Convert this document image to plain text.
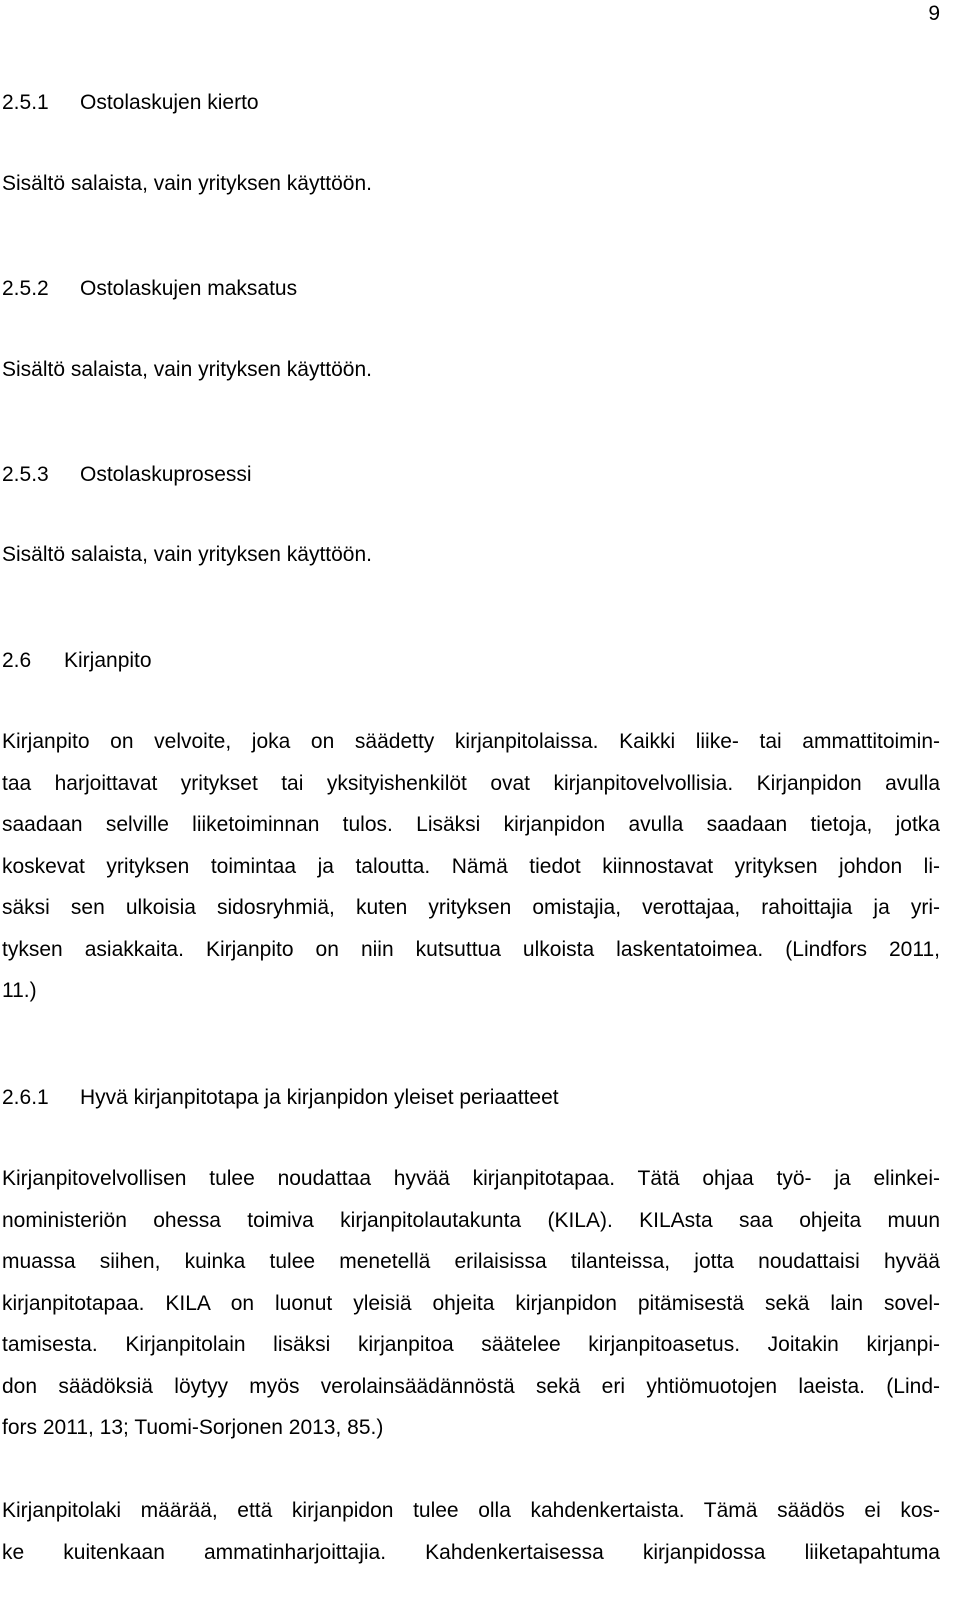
9
2.5.1	Ostolaskujen kierto
Sisältö salaista, vain yrityksen käyttöön.
2.5.2	Ostolaskujen maksatus
Sisältö salaista, vain yrityksen käyttöön.
2.5.3	Ostolaskuprosessi
Sisältö salaista, vain yrityksen käyttöön.
2.6	Kirjanpito
Kirjanpito on velvoite, joka on säädetty kirjanpitolaissa. Kaikki liike- tai ammattitoimin-
taa harjoittavat yritykset tai yksityishenkilöt ovat kirjanpitovelvollisia. Kirjanpidon avulla
saadaan selville liiketoiminnan tulos. Lisäksi kirjanpidon avulla saadaan tietoja, jotka
koskevat yrityksen toimintaa ja taloutta. Nämä tiedot kiinnostavat yrityksen johdon li-
säksi sen ulkoisia sidosryhmiä, kuten yrityksen omistajia, verottajaa, rahoittajia ja yri-
tyksen asiakkaita. Kirjanpito on niin kutsuttua ulkoista laskentatoimea. (Lindfors 2011,
11.)
2.6.1	Hyvä kirjanpitotapa ja kirjanpidon yleiset periaatteet
Kirjanpitovelvollisen tulee noudattaa hyvää kirjanpitotapaa. Tätä ohjaa työ- ja elinkei-
noministeriön ohessa toimiva kirjanpitolautakunta (KILA). KILAsta saa ohjeita muun
muassa siihen, kuinka tulee menetellä erilaisissa tilanteissa, jotta noudattaisi hyvää
kirjanpitotapaa. KILA on luonut yleisiä ohjeita kirjanpidon pitämisestä sekä lain sovel-
tamisesta. Kirjanpitolain lisäksi kirjanpitoa säätelee kirjanpitoasetus. Joitakin kirjanpi-
don säädöksiä löytyy myös verolainsäädännöstä sekä eri yhtiömuotojen laeista. (Lind-
fors 2011, 13; Tuomi-Sorjonen 2013, 85.)
Kirjanpitolaki määrää, että kirjanpidon tulee olla kahdenkertaista. Tämä säädös ei kos-
ke kuitenkaan ammatinharjoittajia. Kahdenkertaisessa kirjanpidossa liiketapahtuma
